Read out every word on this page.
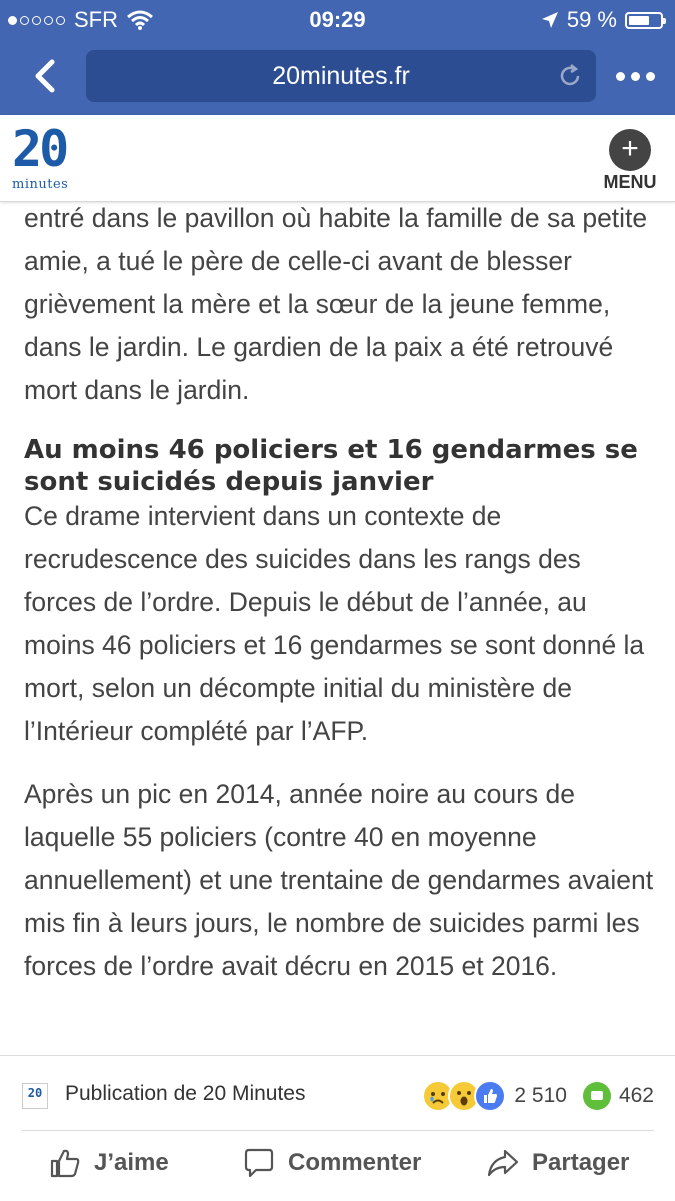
SFR	09:29	59 %
20minutes.fr
20
minutes
+
MENU

entré dans le pavillon où habite la famille de sa petite amie, a tué le père de celle-ci avant de blesser grièvement la mère et la sœur de la jeune femme, dans le jardin. Le gardien de la paix a été retrouvé mort dans le jardin.

Au moins 46 policiers et 16 gendarmes se sont suicidés depuis janvier

Ce drame intervient dans un contexte de recrudescence des suicides dans les rangs des forces de l’ordre. Depuis le début de l’année, au moins 46 policiers et 16 gendarmes se sont donné la mort, selon un décompte initial du ministère de l’Intérieur complété par l’AFP.

Après un pic en 2014, année noire au cours de laquelle 55 policiers (contre 40 en moyenne annuellement) et une trentaine de gendarmes avaient mis fin à leurs jours, le nombre de suicides parmi les forces de l’ordre avait décru en 2015 et 2016.

20 Publication de 20 Minutes	2 510 462
J’aime	Commenter	Partager
